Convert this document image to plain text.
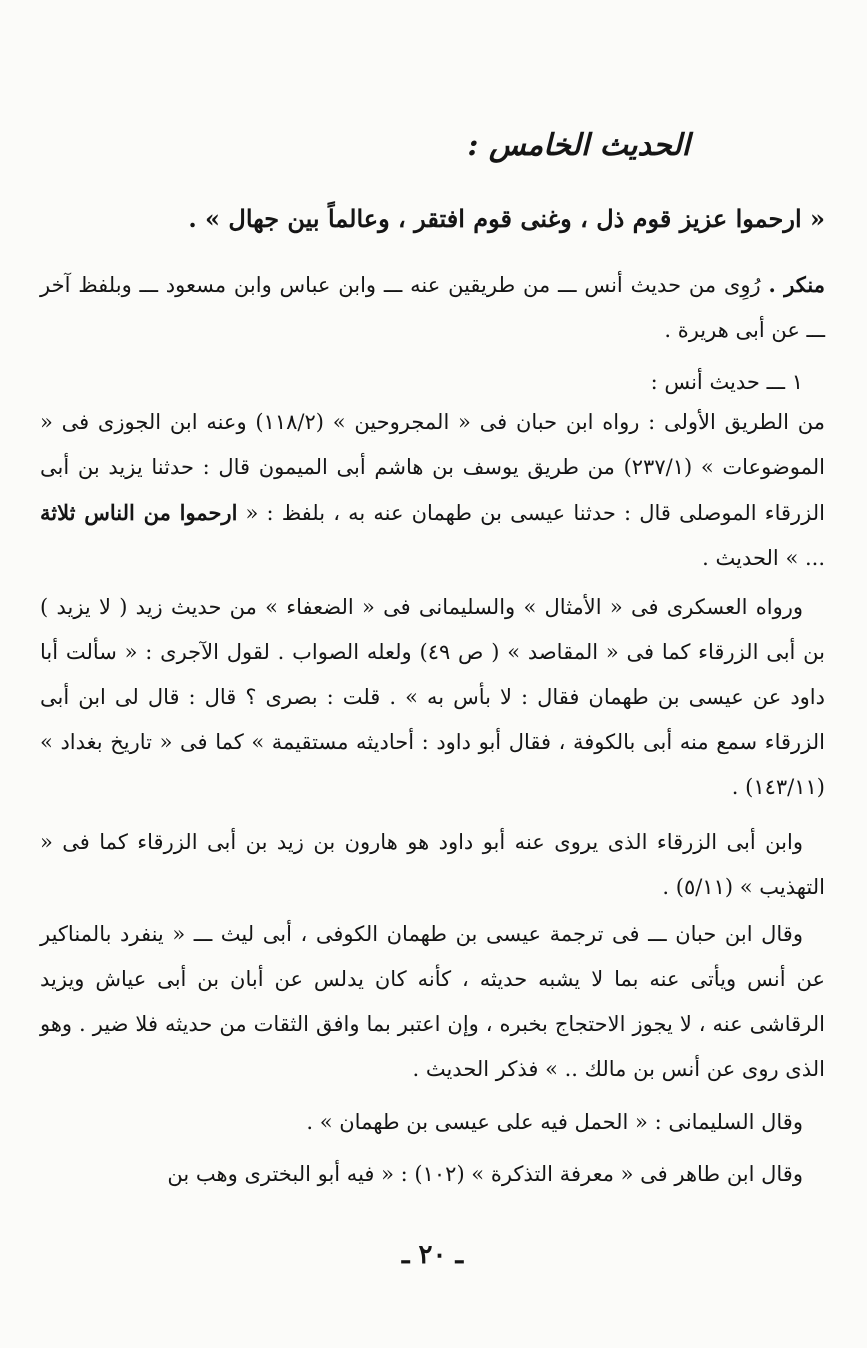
الحديث الخامس :

« ارحموا عزيز قوم ذل ، وغنى قوم افتقر ، وعالماً بين جهال » .

منكر . رُوِى من حديث أنس ـــ من طريقين عنه ـــ وابن عباس وابن مسعود ـــ وبلفظ آخر ـــ عن أبى هريرة .

١ ـــ حديث أنس :

من الطريق الأولى : رواه ابن حبان فى « المجروحين » (١١٨/٢) وعنه ابن الجوزى فى « الموضوعات » (٢٣٧/١) من طريق يوسف بن هاشم أبى الميمون قال : حدثنا يزيد بن أبى الزرقاء الموصلى قال : حدثنا عيسى بن طهمان عنه به ، بلفظ : « ارحموا من الناس ثلاثة ... » الحديث .

ورواه العسكرى فى « الأمثال » والسليمانى فى « الضعفاء » من حديث زيد ( لا يزيد ) بن أبى الزرقاء كما فى « المقاصد » ( ص ٤٩) ولعله الصواب . لقول الآجرى : « سألت أبا داود عن عيسى بن طهمان فقال : لا بأس به » . قلت : بصرى ؟ قال : قال لى ابن أبى الزرقاء سمع منه أبى بالكوفة ، فقال أبو داود : أحاديثه مستقيمة » كما فى « تاريخ بغداد » (١٤٣/١١) .

وابن أبى الزرقاء الذى يروى عنه أبو داود هو هارون بن زيد بن أبى الزرقاء كما فى « التهذيب » (٥/١١) .

وقال ابن حبان ـــ فى ترجمة عيسى بن طهمان الكوفى ، أبى ليث ـــ « ينفرد بالمناكير عن أنس ويأتى عنه بما لا يشبه حديثه ، كأنه كان يدلس عن أبان بن أبى عياش ويزيد الرقاشى عنه ، لا يجوز الاحتجاج بخبره ، وإن اعتبر بما وافق الثقات من حديثه فلا ضير . وهو الذى روى عن أنس بن مالك .. » فذكر الحديث .

وقال السليمانى : « الحمل فيه على عيسى بن طهمان » .

وقال ابن طاهر فى « معرفة التذكرة » (١٠٢) : « فيه أبو البخترى وهب بن

ـ ٢٠ ـ
